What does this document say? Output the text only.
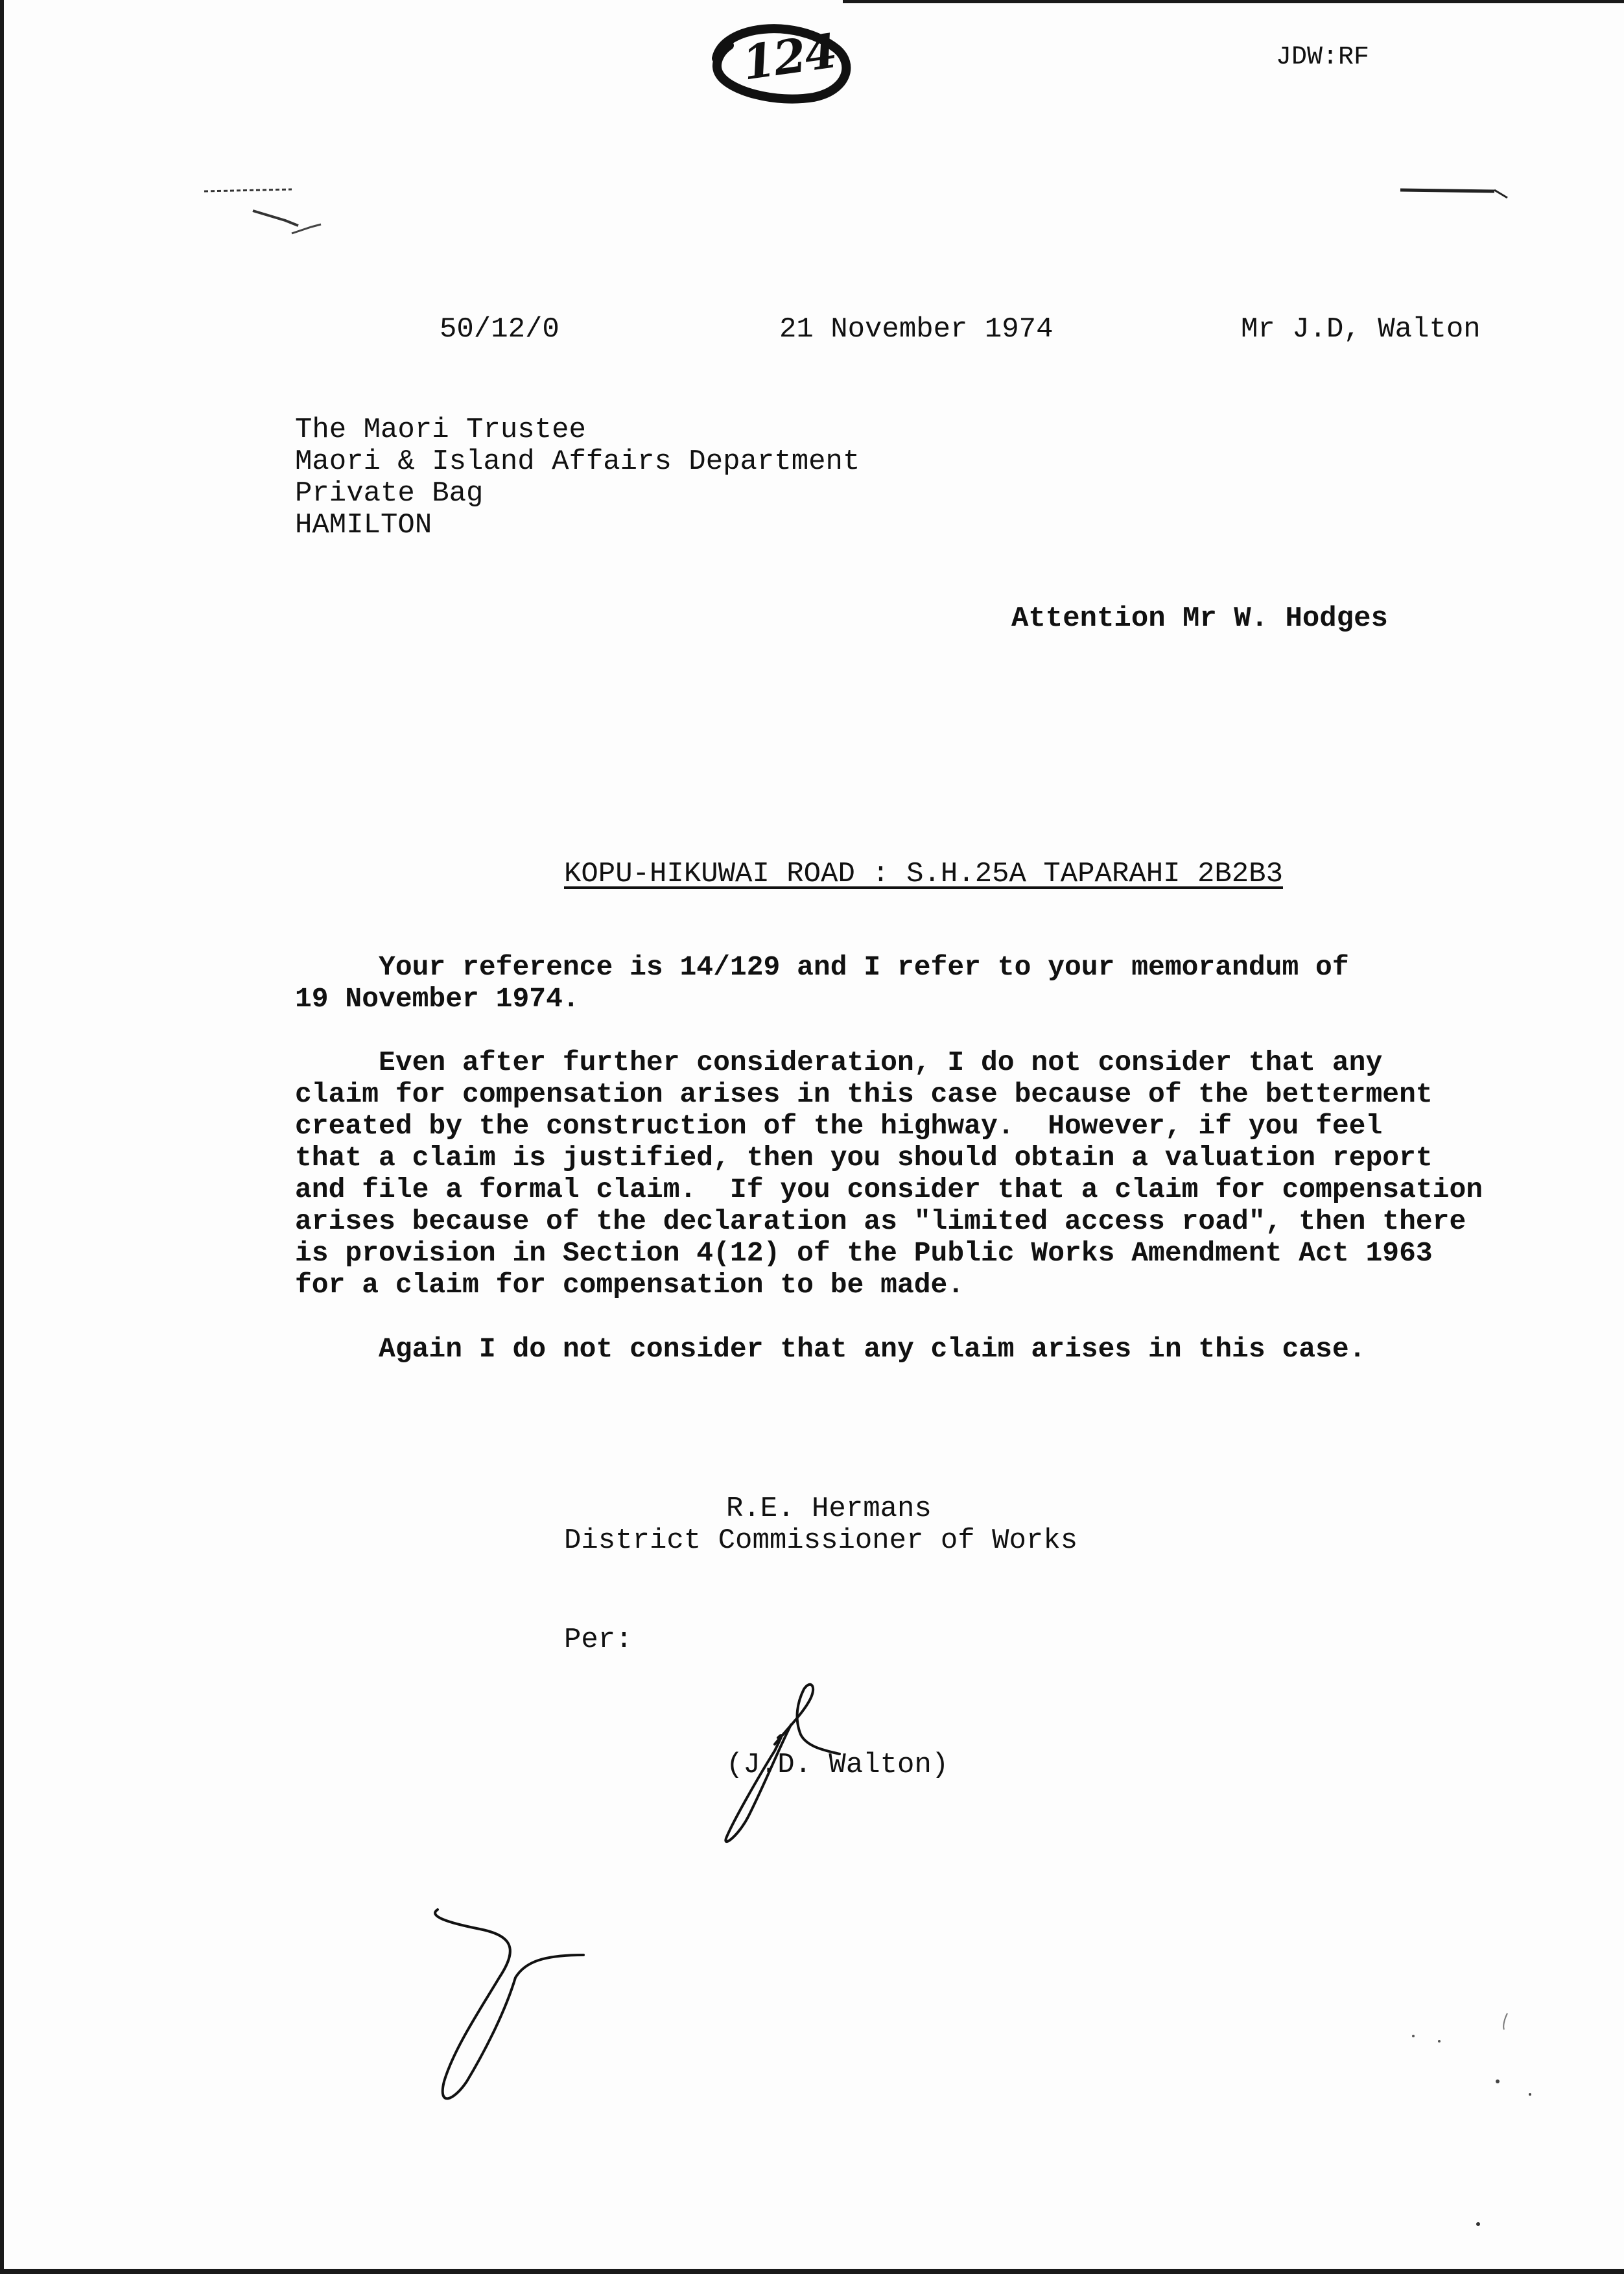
124	JDW:RF
50/12/0	21 November 1974	Mr J.D, Walton
The Maori Trustee
Maori & Island Affairs Department
Private Bag
HAMILTON
Attention Mr W. Hodges
KOPU-HIKUWAI ROAD : S.H.25A TAPARAHI 2B2B3
Your reference is 14/129 and I refer to your memorandum of
19 November 1974.
Even after further consideration, I do not consider that any
claim for compensation arises in this case because of the betterment
created by the construction of the highway.  However, if you feel
that a claim is justified, then you should obtain a valuation report
and file a formal claim.  If you consider that a claim for compensation
arises because of the declaration as "limited access road", then there
is provision in Section 4(12) of the Public Works Amendment Act 1963
for a claim for compensation to be made.
Again I do not consider that any claim arises in this case.
R.E. Hermans
District Commissioner of Works
Per:
(J.D. Walton)
